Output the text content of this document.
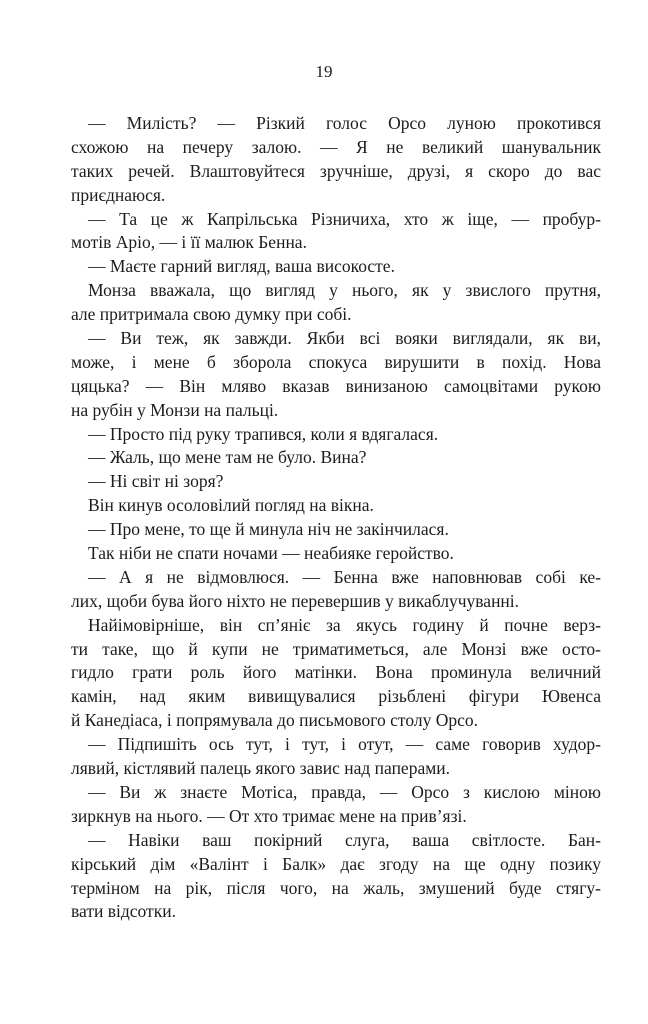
19
— Милість? — Різкий голос Орсо луною прокотився
схожою на печеру залою. — Я не великий шанувальник
таких речей. Влаштовуйтеся зручніше, друзі, я скоро до вас
приєднаюся.
— Та це ж Капрільська Різничиха, хто ж іще, — пробур-
мотів Аріо, — і її малюк Бенна.
— Маєте гарний вигляд, ваша високосте.
Монза вважала, що вигляд у нього, як у звислого прутня,
але притримала свою думку при собі.
— Ви теж, як завжди. Якби всі вояки виглядали, як ви,
може, і мене б зборола спокуса вирушити в похід. Нова
цяцька? — Він мляво вказав винизаною самоцвітами рукою
на рубін у Монзи на пальці.
— Просто під руку трапився, коли я вдягалася.
— Жаль, що мене там не було. Вина?
— Ні світ ні зоря?
Він кинув осоловілий погляд на вікна.
— Про мене, то ще й минула ніч не закінчилася.
Так ніби не спати ночами — неабияке геройство.
— А я не відмовлюся. — Бенна вже наповнював собі ке-
лих, щоби бува його ніхто не перевершив у викаблучуванні.
Найімовірніше, він сп’яніє за якусь годину й почне верз-
ти таке, що й купи не триматиметься, але Монзі вже осто-
гидло грати роль його матінки. Вона проминула величний
камін, над яким вивищувалися різьблені фігури Ювенса
й Канедіаса, і попрямувала до письмового столу Орсо.
— Підпишіть ось тут, і тут, і отут, — саме говорив худор-
лявий, кістлявий палець якого завис над паперами.
— Ви ж знаєте Мотіса, правда, — Орсо з кислою міною
зиркнув на нього. — От хто тримає мене на прив’язі.
— Навіки ваш покірний слуга, ваша світлосте. Бан-
кірський дім «Валінт і Балк» дає згоду на ще одну позику
терміном на рік, після чого, на жаль, змушений буде стягу-
вати відсотки.
